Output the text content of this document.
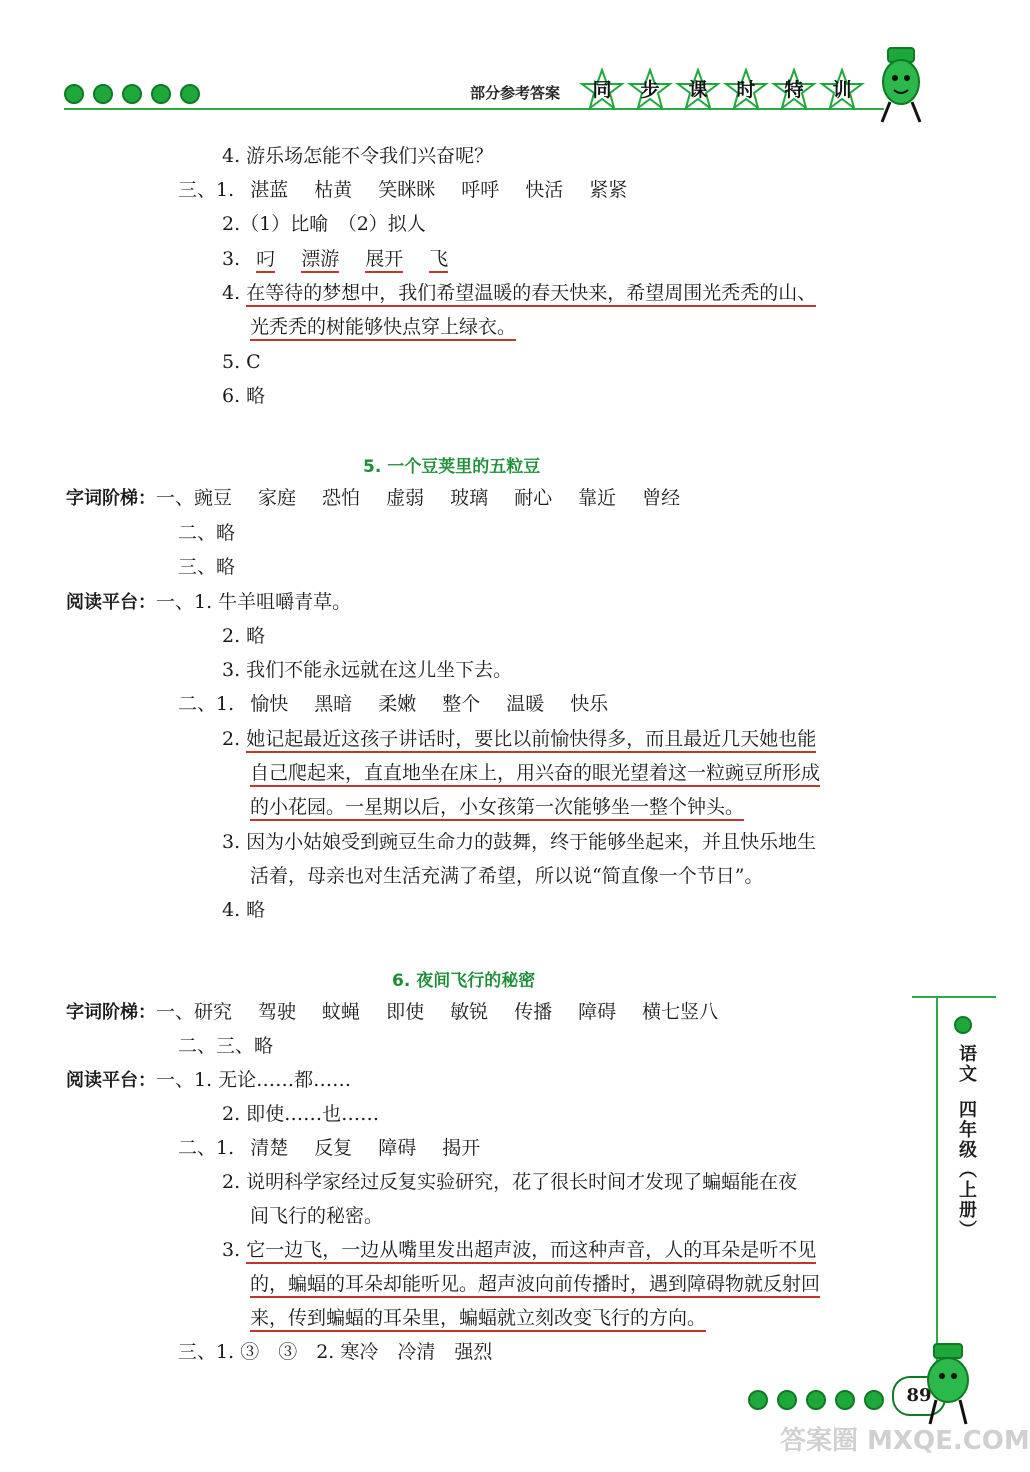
部分参考答案	同	步	课	时	特	训
4. 游乐场怎能不令我们兴奋呢？
三、1. 湛蓝 枯黄 笑眯眯 呼呼 快活 紧紧
2.（1）比喻　（2）拟人
3. 叼 漂游 展开 飞
4. 在等待的梦想中，我们希望温暖的春天快来，希望周围光秃秃的山、
光秃秃的树能够快点穿上绿衣。
5. C
6. 略
5. 一个豆荚里的五粒豆
字词阶梯：一、豌豆 家庭 恐怕 虚弱 玻璃 耐心 靠近 曾经
二、略
三、略
阅读平台：一、1. 牛羊咀嚼青草。
2. 略
3. 我们不能永远就在这儿坐下去。
二、1. 愉快 黑暗 柔嫩 整个 温暖 快乐
2. 她记起最近这孩子讲话时，要比以前愉快得多，而且最近几天她也能
自己爬起来，直直地坐在床上，用兴奋的眼光望着这一粒豌豆所形成
的小花园。一星期以后，小女孩第一次能够坐一整个钟头。
3. 因为小姑娘受到豌豆生命力的鼓舞，终于能够坐起来，并且快乐地生
活着，母亲也对生活充满了希望，所以说“简直像一个节日”。
4. 略
6. 夜间飞行的秘密
字词阶梯：一、研究 驾驶 蚊蝇 即使 敏锐 传播 障碍 横七竖八
二、三、略
阅读平台：一、1. 无论……都……
2. 即使……也……
二、1. 清楚 反复 障碍 揭开
2. 说明科学家经过反复实验研究，花了很长时间才发现了蝙蝠能在夜
间飞行的秘密。
3. 它一边飞，一边从嘴里发出超声波，而这种声音，人的耳朵是听不见
的，蝙蝠的耳朵却能听见。超声波向前传播时，遇到障碍物就反射回
来，传到蝙蝠的耳朵里，蝙蝠就立刻改变飞行的方向。
三、1. ③　③　2. 寒冷　冷清　强烈
语文
四年级（上册）
89
答案圈 MXQE.COM
